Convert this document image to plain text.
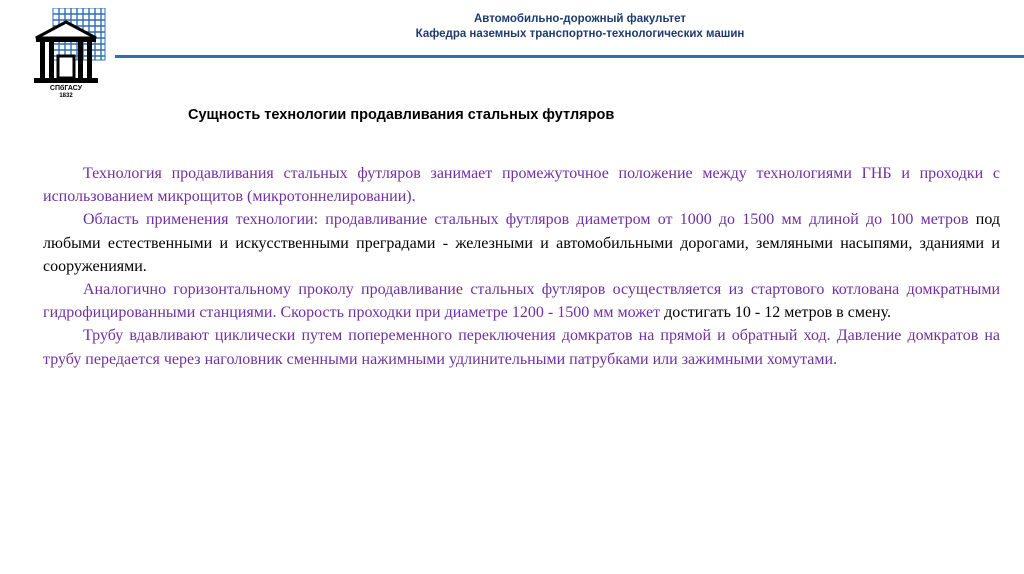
СПбГАСУ
1832
Автомобильно-дорожный факультет
Кафедра наземных транспортно-технологических машин
Сущность технологии продавливания стальных футляров

Технология продавливания стальных футляров занимает промежуточное положение между технологиями ГНБ и проходки с использованием микрощитов (микротоннелировании).

Область применения технологии: продавливание стальных футляров диаметром от 1000 до 1500 мм длиной до 100 метров под любыми естественными и искусственными преградами - железными и автомобильными дорогами, земляными насыпями, зданиями и сооружениями.

Аналогично горизонтальному проколу продавливание стальных футляров осуществляется из стартового котлована домкратными гидрофицированными станциями. Скорость проходки при диаметре 1200 - 1500 мм может достигать 10 - 12 метров в смену.

Трубу вдавливают циклически путем попеременного переключения домкратов на прямой и обратный ход. Давление домкратов на трубу передается через наголовник сменными нажимными удлинительными патрубками или зажимными хомутами.
